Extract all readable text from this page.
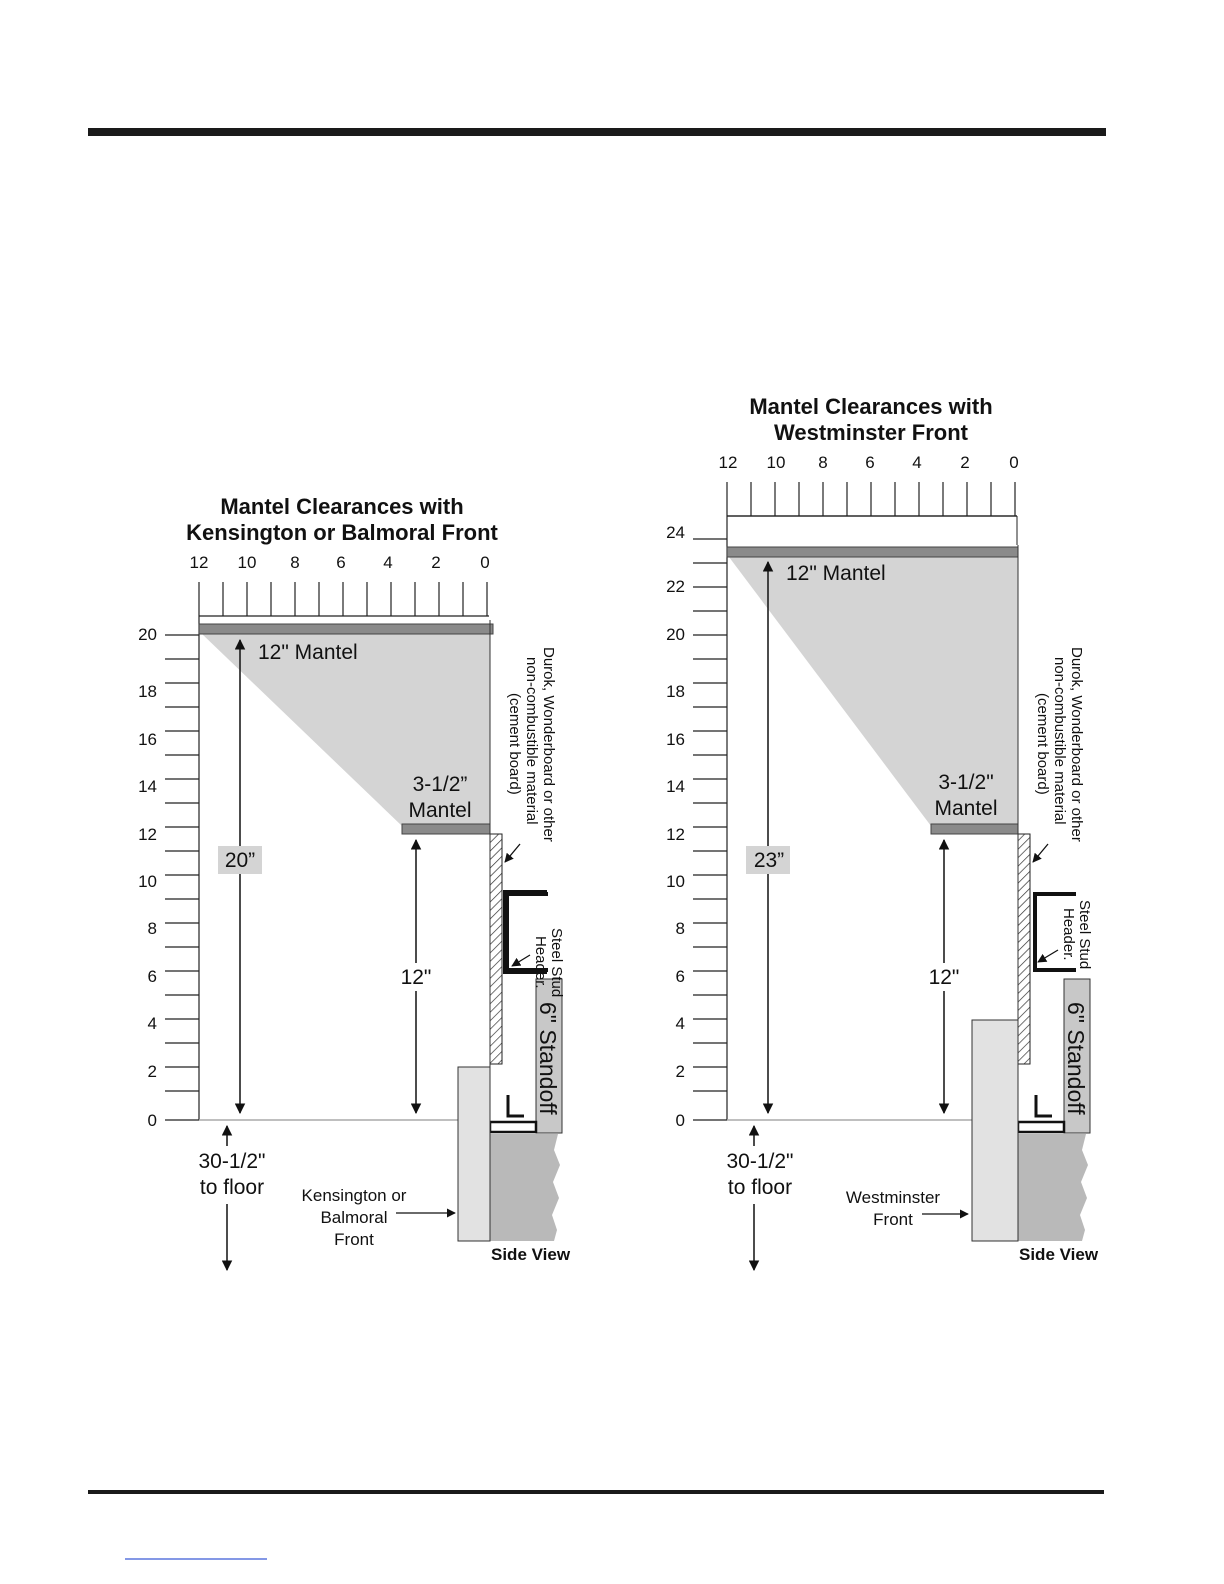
Mantel Clearances with
Kensington or Balmoral Front
12 10 8 6 4 2 0
20
18
16
14
12
10
8
6
4
2
0
20”
12"
12" Mantel
3-1/2”
Mantel
30-1/2"
to floor
Durok, Wonderboard or other
non-combustible material
(cement board)
Steel Stud
Header.
6" Standoff
Kensington or
Balmoral
Front
Side View
Mantel Clearances with
Westminster Front
12 10 8 6 4 2 0
24
22
20
18
16
14
12
10
8
6
4
2
0
23”
12"
12" Mantel
3-1/2"
Mantel
30-1/2"
to floor
Durok, Wonderboard or other
non-combustible material
(cement board)
Steel Stud
Header.
6" Standoff
Westminster
Front
Side View
